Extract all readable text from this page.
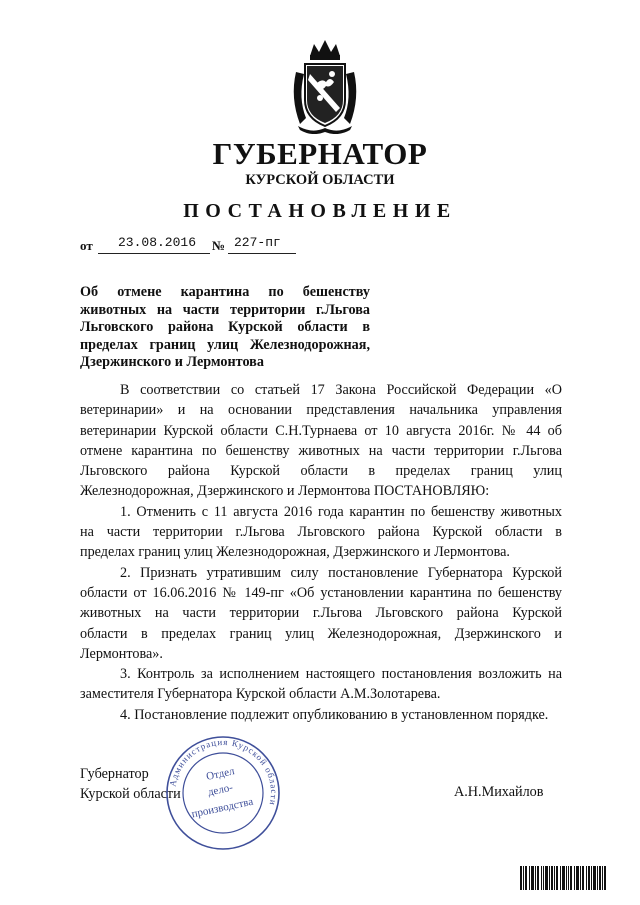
ГУБЕРНАТОР
КУРСКОЙ ОБЛАСТИ
ПОСТАНОВЛЕНИЕ
от 23.08.2016 № 227-пг
Об отмене карантина по бешенству
животных на части территории г.Льгова
Льговского района Курской области в
пределах границ улиц Железнодорожная,
Дзержинского и Лермонтова

В соответствии со статьей 17 Закона Российской Федерации «О
ветеринарии» и на основании представления начальника управления
ветеринарии Курской области С.Н.Турнаева от 10 августа 2016г. № 44 об
отмене карантина по бешенству животных на части территории г.Льгова
Льговского района Курской области в пределах границ улиц
Железнодорожная, Дзержинского и Лермонтова ПОСТАНОВЛЯЮ:

1. Отменить с 11 августа 2016 года карантин по бешенству животных
на части территории г.Льгова Льговского района Курской области в
пределах границ улиц Железнодорожная, Дзержинского и Лермонтова.

2. Признать утратившим силу постановление Губернатора Курской
области от 16.06.2016 № 149-пг «Об установлении карантина по бешенству
животных на части территории г.Льгова Льговского района Курской
области в пределах границ улиц Железнодорожная, Дзержинского и
Лермонтова».

3. Контроль за исполнением настоящего постановления возложить на
заместителя Губернатора Курской области А.М.Золотарева.

4. Постановление подлежит опубликованию в установленном порядке.

Губернатор
Курской области	А.Н.Михайлов
Администрация Курской области
Отдел
дело-
производства
